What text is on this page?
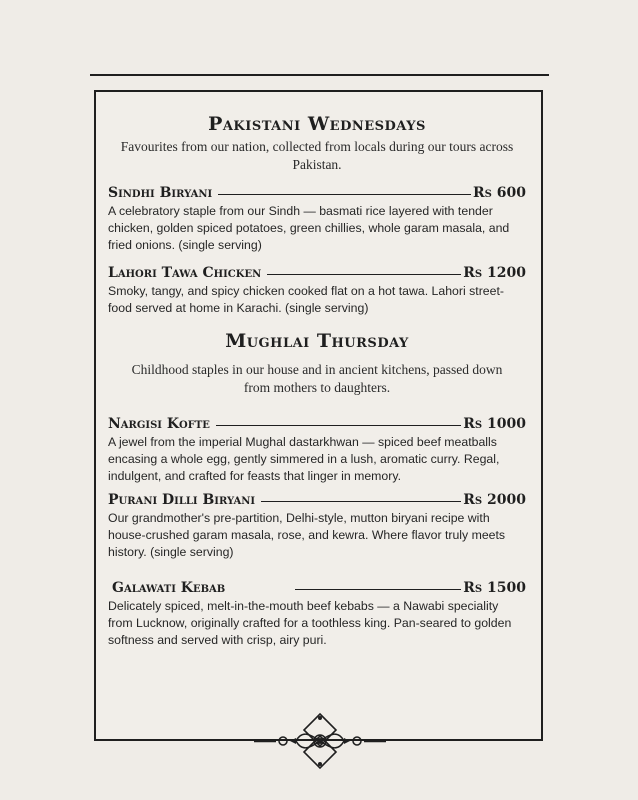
Pakistani Wednesdays

Favourites from our nation, collected from locals during our tours across Pakistan.

Sindhi Biryani	Rs 600

A celebratory staple from our Sindh — basmati rice layered with tender chicken, golden spiced potatoes, green chillies, whole garam masala, and fried onions. (single serving)

Lahori Tawa Chicken	Rs 1200

Smoky, tangy, and spicy chicken cooked flat on a hot tawa. Lahori street-food served at home in Karachi. (single serving)

Mughlai Thursday

Childhood staples in our house and in ancient kitchens, passed down from mothers to daughters.

Nargisi Kofte	Rs 1000

A jewel from the imperial Mughal dastarkhwan — spiced beef meatballs encasing a whole egg, gently simmered in a lush, aromatic curry. Regal, indulgent, and crafted for feasts that linger in memory.

Purani Dilli Biryani	Rs 2000

Our grandmother's pre-partition, Delhi-style, mutton biryani recipe with house-crushed garam masala, rose, and kewra. Where flavor truly meets history. (single serving)

Galawati Kebab	Rs 1500

Delicately spiced, melt-in-the-mouth beef kebabs — a Nawabi speciality from Lucknow, originally crafted for a toothless king. Pan-seared to golden softness and served with crisp, airy puri.
